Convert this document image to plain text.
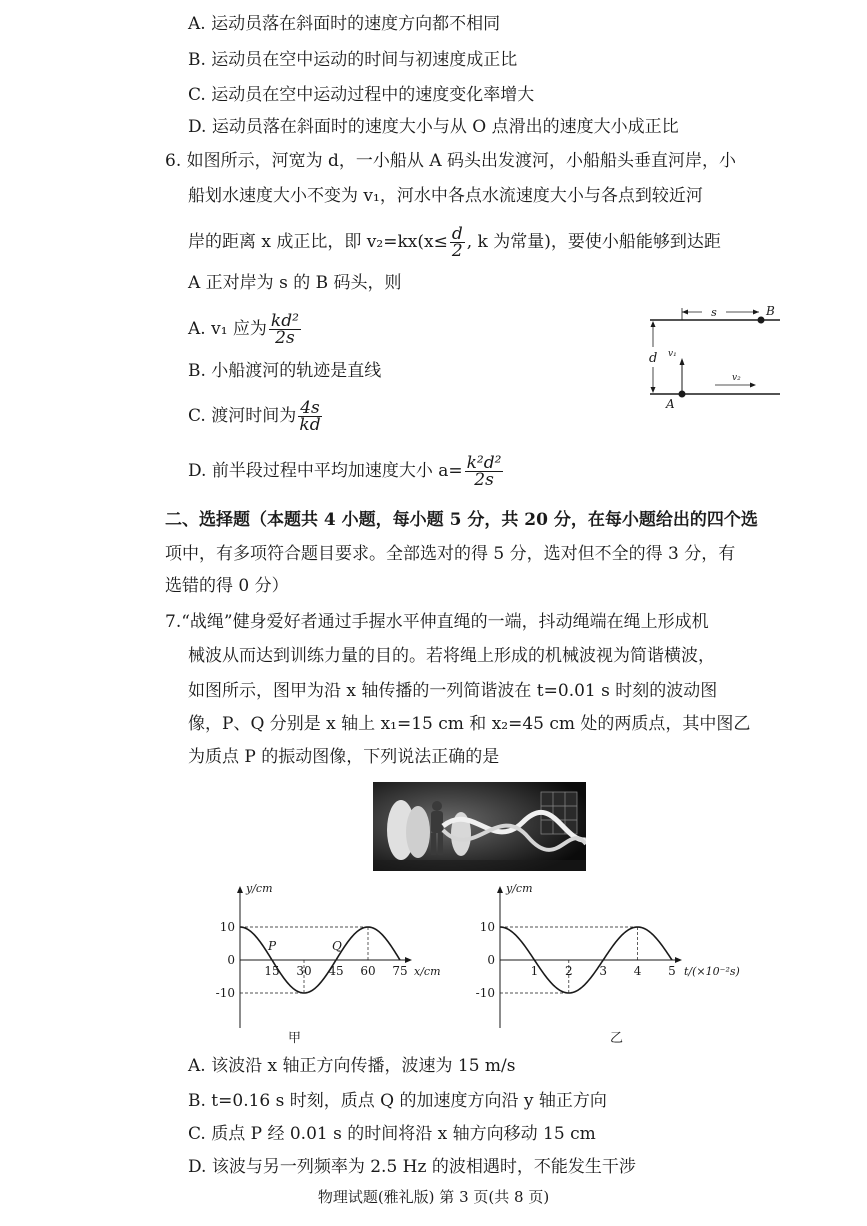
A. 运动员落在斜面时的速度方向都不相同
B. 运动员在空中运动的时间与初速度成正比
C. 运动员在空中运动过程中的速度变化率增大
D. 运动员落在斜面时的速度大小与从 O 点滑出的速度大小成正比
6. 如图所示，河宽为 d，一小船从 A 码头出发渡河，小船船头垂直河岸，小
船划水速度大小不变为 v₁，河水中各点水流速度大小与各点到较近河
岸的距离 x 成正比，即 $v_2=kx(x\le \frac{d}{2}$ , k 为常量)，要使小船能够到达距
A 正对岸为 s 的 B 码头，则
A. v₁ 应为 $\frac{\text{kd²}}{2s}$
B. 小船渡河的轨迹是直线
C. 渡河时间为 $\frac{4s}{kd}$
D. 前半段过程中平均加速度大小 $a= \frac{\text{k²d²}}{2s}$
s	B
d v₁
v₂
A
二、选择题（本题共 4 小题，每小题 5 分，共 20 分，在每小题给出的四个选
项中，有多项符合题目要求。全部选对的得 5 分，选对但不全的得 3 分，有
选错的得 0 分）
7.“战绳”健身爱好者通过手握水平伸直绳的一端，抖动绳端在绳上形成机
械波从而达到训练力量的目的。若将绳上形成的机械波视为简谐横波，
如图所示，图甲为沿 x 轴传播的一列简谐波在 t=0.01 s 时刻的波动图
像，P、Q 分别是 x 轴上 x₁=15 cm 和 x₂=45 cm 处的两质点，其中图乙
为质点 P 的振动图像，下列说法正确的是
10
0
-10
15 30 45 60 75
y/cm
x/cm
P	Q
甲
10
0
-10
1 2 3 4 5
y/cm
t/(×10⁻²s)
乙
A. 该波沿 x 轴正方向传播，波速为 15 m/s
B. t=0.16 s 时刻，质点 Q 的加速度方向沿 y 轴正方向
C. 质点 P 经 0.01 s 的时间将沿 x 轴方向移动 15 cm
D. 该波与另一列频率为 2.5 Hz 的波相遇时，不能发生干涉
物理试题(雅礼版) 第 3 页(共 8 页)
